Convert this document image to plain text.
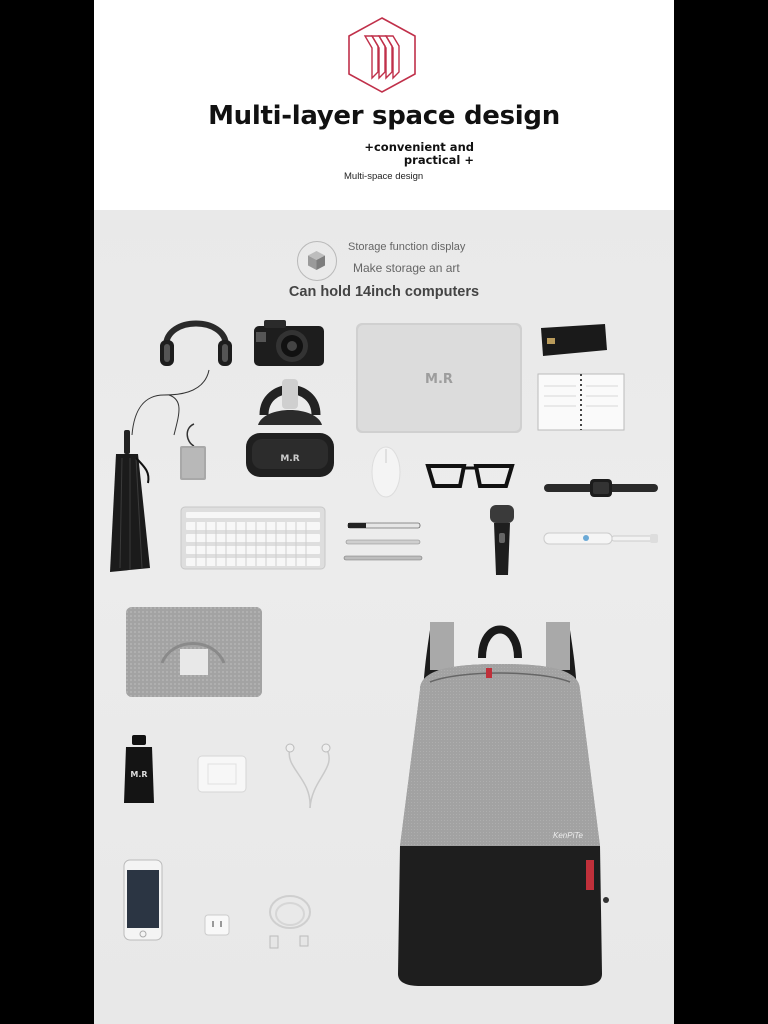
Multi-layer space design
+convenient and
practical +
Multi-space design
Storage function display
Make storage an art
Can hold 14inch computers
M.R
M.R
M.R
KenPiTe
